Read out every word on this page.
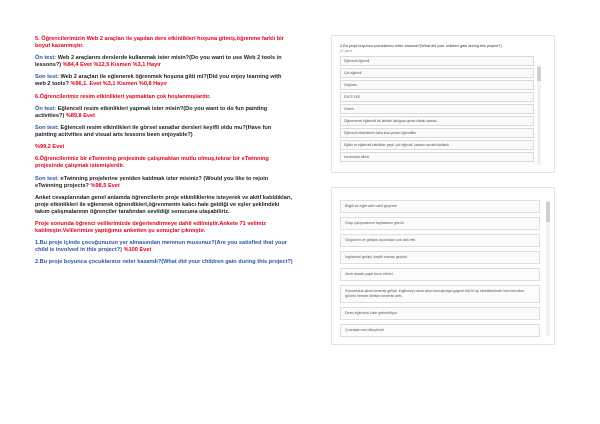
5. Öğrencilerimizin Web 2 araçları ile yapılan ders etkinlikleri hoşuna gitmiş,öğrenme farklı bir boyut kazanmıştır.

Ön test: Web 2 araçlarını derslerde kullanmak ister misin?(Do you want to use Web 2 tools in lessons?) %84,4 Evet %12,5 Kısmen %3,1 Hayır

Son test: Web 2 araçları ile eğlenerek öğrenmek hoşuna gitti mi?(Did you enjoy learning with web 2 tools? %96,1. Evet %3,1 Kısmen %0,8 Hayır

6.Öğrencilerimiz resim etkinlikleri yapmaktan çok hoşlanmışlardır.

Ön test: Eğlenceli resim etkinlikleri yapmak ister misin?(Do you want to do fun painting activities?) %89,8 Evet

Son test: Eğlenceli resim etkinlikleri ile görsel sanatlar dersleri keyifli oldu mu?(Have fun painting activities and visual arts lessons been enjoyable?)

%99,2 Evet

6.Öğrencilerimiz bir eTwinning projesinde çalışmaktan mutlu olmuş,tekrar bir eTwinning projesinde çalışmak istemişlerdir.

Son test: eTwinning projelerine yeniden katılmak ister misiniz? (Would you like to rejoin eTwinning projects? %98,5 Evet

Anket cevaplarından genel anlamda öğrencilerin proje etkinliklerine isteyerek ve aktif katıldıkları, proje etkinlikleri ile eğlenerek öğrendikleri,öğrenmenin kalıcı hale geldiği ve eşler şeklindeki takım çalışmalarının öğrenciler tarafından sevildiği sonucuna ulaşabiliriz.

Proje sonunda öğrenci velilerimizde değerlendirmeye dahil edilmiştir.Ankete 71 velimiz katılmıştır.Velilerimize yaptığımız anketten şu sonuçlar çıkmıştır.

1.Bu proje içinde çocuğunuzun yer almasından memnun musunuz?(Are you satisfied that your child is involved in this project?) %100 Evet

2.Bu proje boyunca çocuklarınız neler kazandı?(What did your children gain during this project?)

2.Bu proje boyunca çocuklarınız neler kazandı?(What did your children gain during this project?)
47 yanıt
Eğlenceli öğrendi
Çok eğlendi
Özgüven
EVET/YES
Güven
Öğrenmenin eğlenceli bir aktivite olduğunu genel olarak kavradı
Eğlenceli etkinliklerle daha kısa yoldan öğrendiler
Eğitici ve eğlenceli etkinlikler yaptı, çok eğlendi, yabancı sevimli kullandı
sorumluluk bilinci
Bilgili ve eğlenceli vakit geçirme
Grup çalışmasının faydalarını gördü
Özgüveni ve gelişim açısından çok fark etti.
İngilizcesi gelişti, keyifli zaman geçirdi.
Zevk alarak yaptı bunu bilinci
Sorumluluk alma becerisi gelişti, ingilizceyi daha akıcı konuşmaya gayret etti,Grup etkinliklerinde hem kendine güveni hemde iletisim becerisi arttı.
Dersi eğlenceli hale getirebiliyor
Çocuklarımız bilinçlendi
